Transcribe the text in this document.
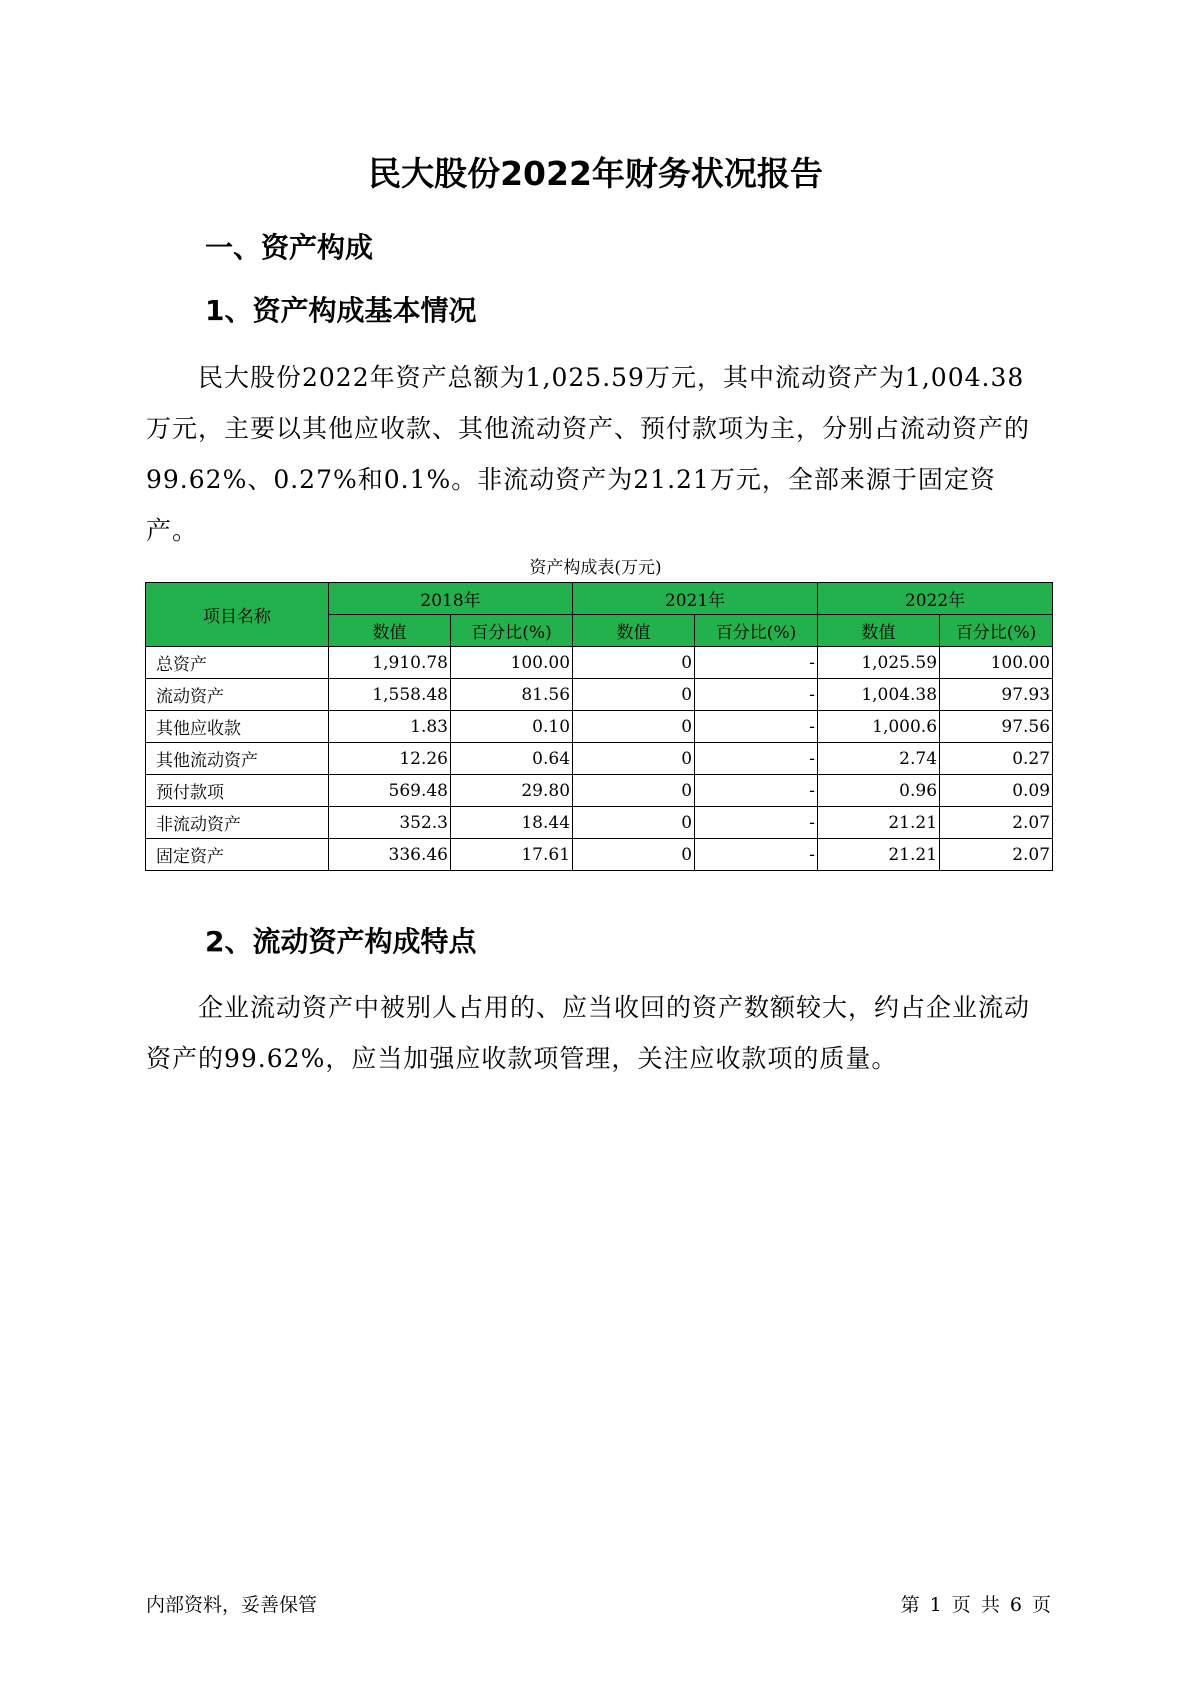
民大股份2022年财务状况报告
一、资产构成
1、资产构成基本情况

民大股份2022年资产总额为1,025.59万元，其中流动资产为1,004.38万元，主要以其他应收款、其他流动资产、预付款项为主，分别占流动资产的99.62%、0.27%和0.1%。非流动资产为21.21万元，全部来源于固定资产。

资产构成表(万元)
项目名称	2018年		2021年		2022年	
	数值	百分比(%)	数值	百分比(%)	数值	百分比(%)
总资产	1,910.78	100.00	0	-	1,025.59	100.00
流动资产	1,558.48	81.56	0	-	1,004.38	97.93
其他应收款	1.83	0.10	0	-	1,000.6	97.56
其他流动资产	12.26	0.64	0	-	2.74	0.27
预付款项	569.48	29.80	0	-	0.96	0.09
非流动资产	352.3	18.44	0	-	21.21	2.07
固定资产	336.46	17.61	0	-	21.21	2.07
2、流动资产构成特点

企业流动资产中被别人占用的、应当收回的资产数额较大，约占企业流动资产的99.62%，应当加强应收款项管理，关注应收款项的质量。

内部资料，妥善保管	第 1 页 共 6 页
